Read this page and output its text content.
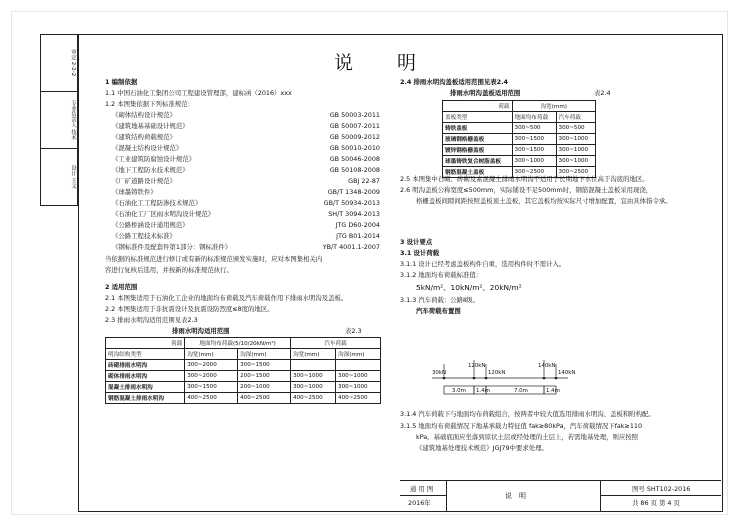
审定 2-2-2
专业负责人 技术
设计 王义
说　　明
1 编制依据
1.1 中国石油化工集团公司工程建设管理部，建标函（2016）xxx
1.2 本图集依据下列标准规范：
《砌体结构设计规范》	GB 50003-2011
《建筑地基基础设计规范》	GB 50007-2011
《建筑结构荷载规范》	GB 50009-2012
《混凝土结构设计规范》	GB 50010-2010
《工业建筑防腐蚀设计规范》	GB 50046-2008
《地下工程防水技术规范》	GB 50108-2008
《厂矿道路设计规范》	GBJ 22-87
《球墨铸铁件》	GB/T 1348-2009
《石油化工工程防渗技术规范》	GB/T 50934-2013
《石油化工厂区雨水明沟设计规范》	SH/T 3094-2013
《公路桥涵设计通用规范》	JTG D60-2004
《公路工程技术标准》	JTG B01-2014
《钢标准件及配套件第1部分：钢标准件》	YB/T 4001.1-2007
当依据的标准规范进行修订或有新的标准规范颁发实施时，应对本图集相关内
容进行复核后选用，并按新的标准规范执行。
2 适用范围
2.1 本图集适用于石油化工企业的地面均布荷载及汽车荷载作用下排雨水明沟及盖板。
2.2 本图集适用于非抗震设计及抗震设防烈度≤8度的地区。
2.3 排雨水明沟适用范围见表2.3
排雨水明沟适用范围	表2.3
荷载	地面均布荷载(5/10/20kN/m²)		汽车荷载	
明沟结构类型	沟宽(mm)	沟深(mm)	沟宽(mm)	沟深(mm)
砖砌排雨水明沟	300~2000	300~1500		
砌体排雨水明沟	300~2000	200~1500	300~1000	300~1000
混凝土排雨水明沟	300~1500	200~1000	300~1000	300~1000
钢筋混凝土排雨水明沟	400~2500	400~2500	400~2500	400~2500
2.4 排雨水明沟盖板适用范围见表2.4
排雨水明沟盖板适用范围	表2.4
荷载	沟宽(mm)	
盖板类型	地面均布荷载	汽车荷载
铸铁盖板	300~500	300~500
玻璃钢格栅盖板	300~1500	300~1000
镀锌钢格栅盖板	300~1500	300~1000
球墨铸铁复合树脂盖板	300~1000	300~1000
钢筋混凝土盖板	300~2500	300~2500
2.5 本图集中石砌、砖砌及素混凝土排雨水明沟不适用于长期地下水位高于沟底的地区。
2.6 明沟盖板公称宽度≤500mm，实际铺设不足500mm时，钢筋混凝土盖板采用现浇，
格栅盖板间隙间距按照盖板顶土盖板，其它盖板均按实际尺寸增加配置，宜由具体指令承。
3 设计要点
3.1 设计荷载
3.1.1 设计已经考虑盖板构件自重，选用构件时不需计入。
3.1.2 地面均布荷载标准值：
5kN/m²、10kN/m²、20kN/m²
3.1.3 汽车荷载：公路Ⅱ级。
汽车荷载布置图
30kN
120kN
120kN
140kN
140kN
3.0m 1.4m	7.0m	1.4m
3.1.4 汽车荷载下与地面均布荷载组合，按两者中较大值选用排雨水明沟、盖板和附构配。
3.1.5 地面均布荷载情况下地基承载力特征值 fak≥80kPa，汽车荷载情况下fak≥110
kPa。基础底面应坐落到原状土层或经处理的土层上，若需地基处理，则应按照
《建筑地基处理技术规范》JGJ79中要求处理。
通 用 图
2016年
说　明
图号 SHT102-2016
共 86 页 第 4 页
